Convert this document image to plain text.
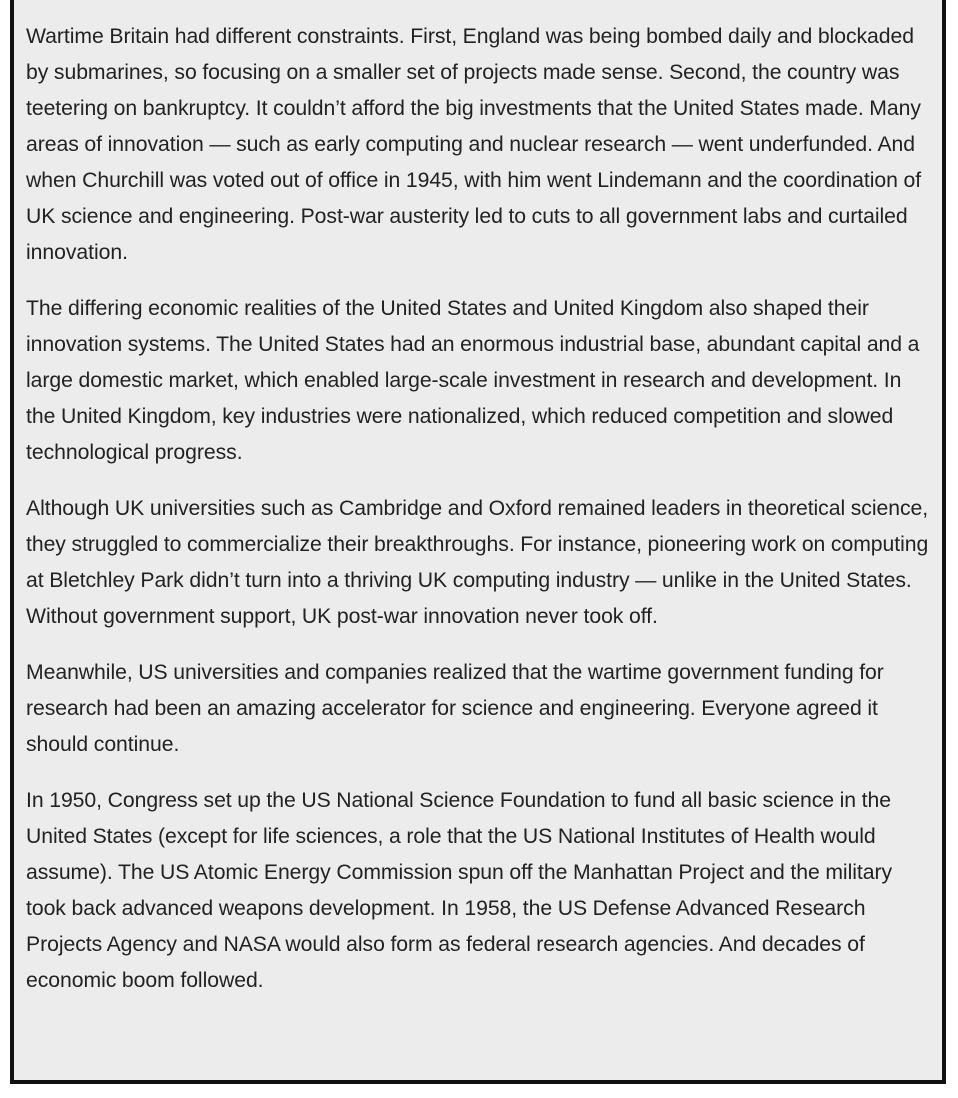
Wartime Britain had different constraints. First, England was being bombed daily and blockaded by submarines, so focusing on a smaller set of projects made sense. Second, the country was teetering on bankruptcy. It couldn’t afford the big investments that the United States made. Many areas of innovation — such as early computing and nuclear research — went underfunded. And when Churchill was voted out of office in 1945, with him went Lindemann and the coordination of UK science and engineering. Post-war austerity led to cuts to all government labs and curtailed innovation.

The differing economic realities of the United States and United Kingdom also shaped their innovation systems. The United States had an enormous industrial base, abundant capital and a large domestic market, which enabled large-scale investment in research and development. In the United Kingdom, key industries were nationalized, which reduced competition and slowed technological progress.

Although UK universities such as Cambridge and Oxford remained leaders in theoretical science, they struggled to commercialize their breakthroughs. For instance, pioneering work on computing at Bletchley Park didn’t turn into a thriving UK computing industry — unlike in the United States. Without government support, UK post-war innovation never took off.

Meanwhile, US universities and companies realized that the wartime government funding for research had been an amazing accelerator for science and engineering. Everyone agreed it should continue.

In 1950, Congress set up the US National Science Foundation to fund all basic science in the United States (except for life sciences, a role that the US National Institutes of Health would assume). The US Atomic Energy Commission spun off the Manhattan Project and the military took back advanced weapons development. In 1958, the US Defense Advanced Research Projects Agency and NASA would also form as federal research agencies. And decades of economic boom followed.
